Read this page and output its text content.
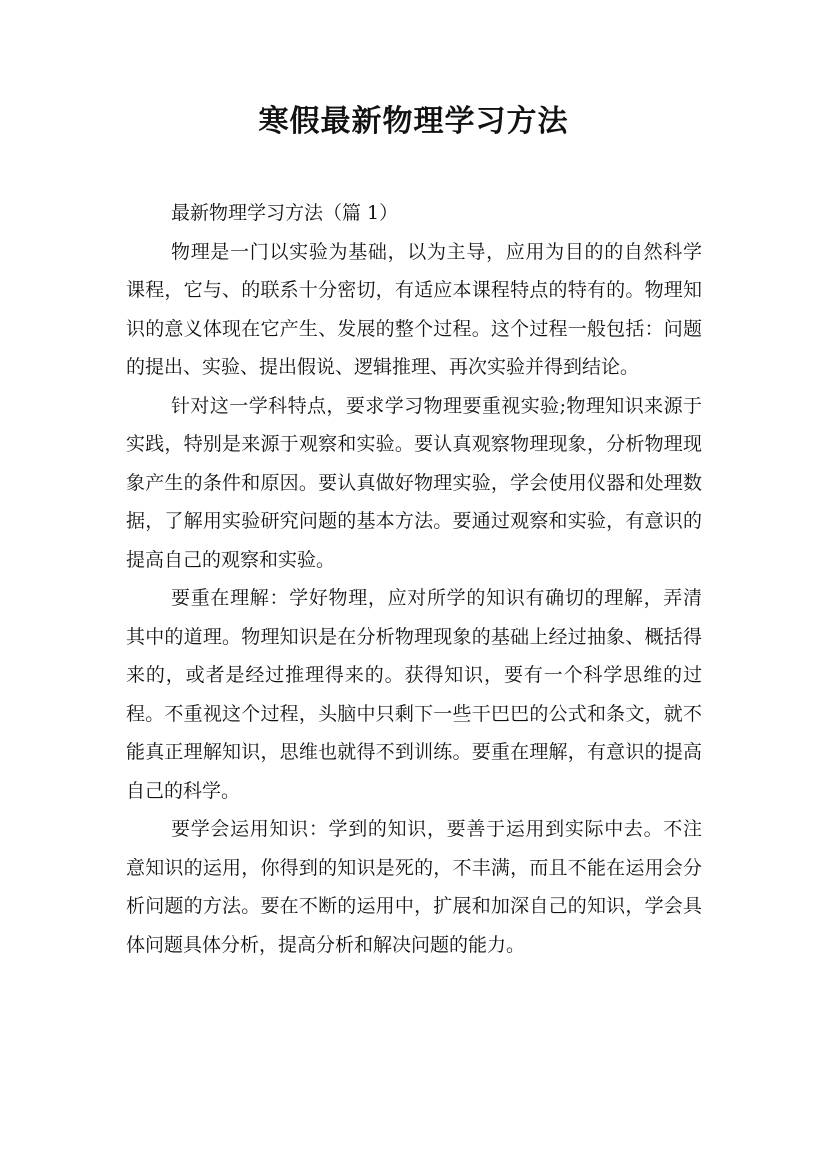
寒假最新物理学习方法

最新物理学习方法（篇 1）

物理是一门以实验为基础，以为主导，应用为目的的自然科学课程，它与、的联系十分密切，有适应本课程特点的特有的。物理知识的意义体现在它产生、发展的整个过程。这个过程一般包括：问题的提出、实验、提出假说、逻辑推理、再次实验并得到结论。

针对这一学科特点，要求学习物理要重视实验;物理知识来源于实践，特别是来源于观察和实验。要认真观察物理现象，分析物理现象产生的条件和原因。要认真做好物理实验，学会使用仪器和处理数据，了解用实验研究问题的基本方法。要通过观察和实验，有意识的提高自己的观察和实验。

要重在理解：学好物理，应对所学的知识有确切的理解，弄清其中的道理。物理知识是在分析物理现象的基础上经过抽象、概括得来的，或者是经过推理得来的。获得知识，要有一个科学思维的过程。不重视这个过程，头脑中只剩下一些干巴巴的公式和条文，就不能真正理解知识，思维也就得不到训练。要重在理解，有意识的提高自己的科学。

要学会运用知识：学到的知识，要善于运用到实际中去。不注意知识的运用，你得到的知识是死的，不丰满，而且不能在运用会分析问题的方法。要在不断的运用中，扩展和加深自己的知识，学会具体问题具体分析，提高分析和解决问题的能力。
